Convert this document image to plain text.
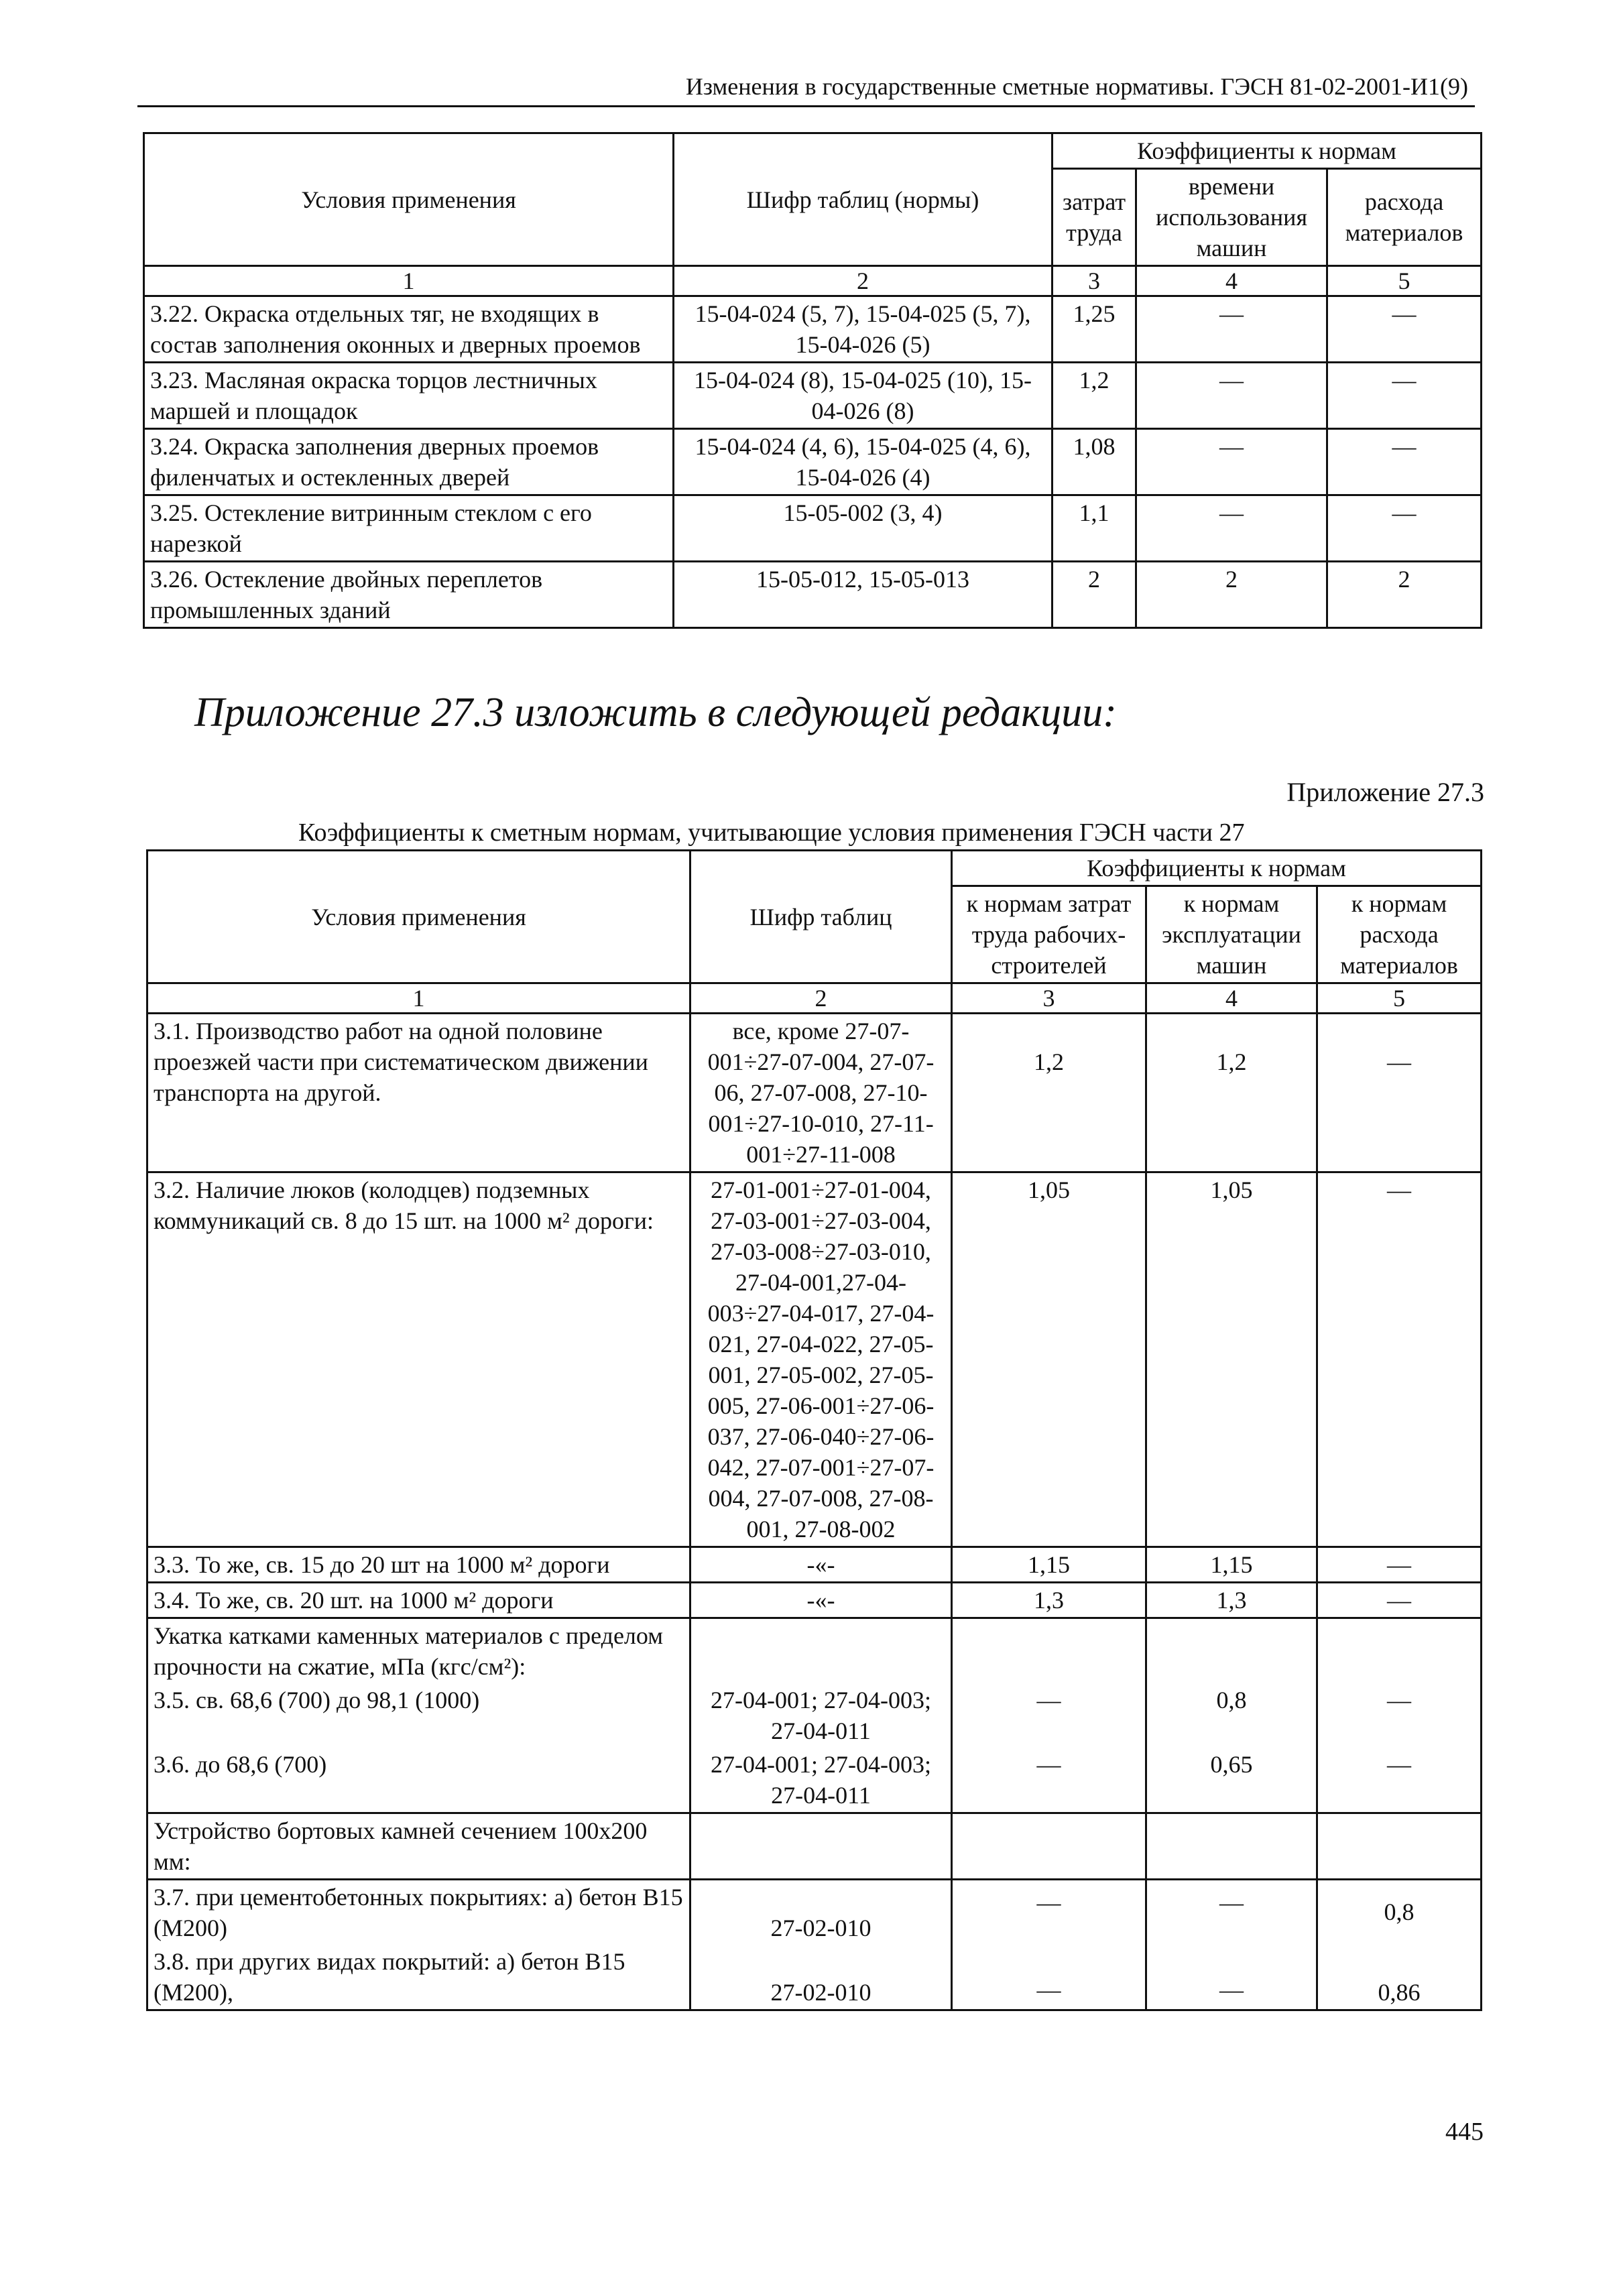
Изменения в государственные сметные нормативы. ГЭСН 81-02-2001-И1(9)
Условия применения	Шифр таблиц (нормы)	Коэффициенты к нормам		
		затрат труда	времени использования машин	расхода материалов
1	2	3	4	5
3.22. Окраска отдельных тяг, не входящих в состав заполнения оконных и дверных проемов	15-04-024 (5, 7), 15-04-025 (5, 7), 15-04-026 (5)	1,25	—	—
3.23. Масляная окраска торцов лестничных маршей и площадок	15-04-024 (8), 15-04-025 (10), 15-04-026 (8)	1,2	—	—
3.24. Окраска заполнения дверных проемов филенчатых и остекленных дверей	15-04-024 (4, 6), 15-04-025 (4, 6), 15-04-026 (4)	1,08	—	—
3.25. Остекление витринным стеклом с его нарезкой	15-05-002 (3, 4)	1,1	—	—
3.26. Остекление двойных переплетов промышленных зданий	15-05-012, 15-05-013	2	2	2
Приложение 27.3 изложить в следующей редакции:
Приложение 27.3
Коэффициенты к сметным нормам, учитывающие условия применения ГЭСН части 27
Условия применения	Шифр таблиц	Коэффициенты к нормам		
		к нормам затрат труда рабочих-строителей	к нормам эксплуатации машин	к нормам расхода материалов
1	2	3	4	5
3.1. Производство работ на одной половине проезжей части при систематическом движении транспорта на другой.	все, кроме 27-07-001÷27-07-004, 27-07-06, 27-07-008, 27-10-001÷27-10-010, 27-11-001÷27-11-008	1,2	1,2	—
3.2. Наличие люков (колодцев) подземных коммуникаций св. 8 до 15 шт. на 1000 м² дороги:	27-01-001÷27-01-004, 27-03-001÷27-03-004, 27-03-008÷27-03-010, 27-04-001,27-04-003÷27-04-017, 27-04-021, 27-04-022, 27-05-001, 27-05-002, 27-05-005, 27-06-001÷27-06-037, 27-06-040÷27-06-042, 27-07-001÷27-07-004, 27-07-008, 27-08-001, 27-08-002	1,05	1,05	—
3.3. То же, св. 15 до 20 шт на 1000 м² дороги	-«-	1,15	1,15	—
3.4. То же, св. 20 шт. на 1000 м² дороги	-«-	1,3	1,3	—
Укатка катками каменных материалов с пределом прочности на сжатие, мПа (кгс/см²):				
3.5. св. 68,6 (700) до 98,1 (1000)	27-04-001; 27-04-003; 27-04-011	—	0,8	—
3.6. до 68,6 (700)	27-04-001; 27-04-003; 27-04-011	—	0,65	—
Устройство бортовых камней сечением 100х200 мм:				
3.7. при цементобетонных покрытиях: а) бетон В15 (М200)	27-02-010	—	—	0,8
3.8. при других видах покрытий: а) бетон В15 (М200),	27-02-010	—	—	0,86
445
